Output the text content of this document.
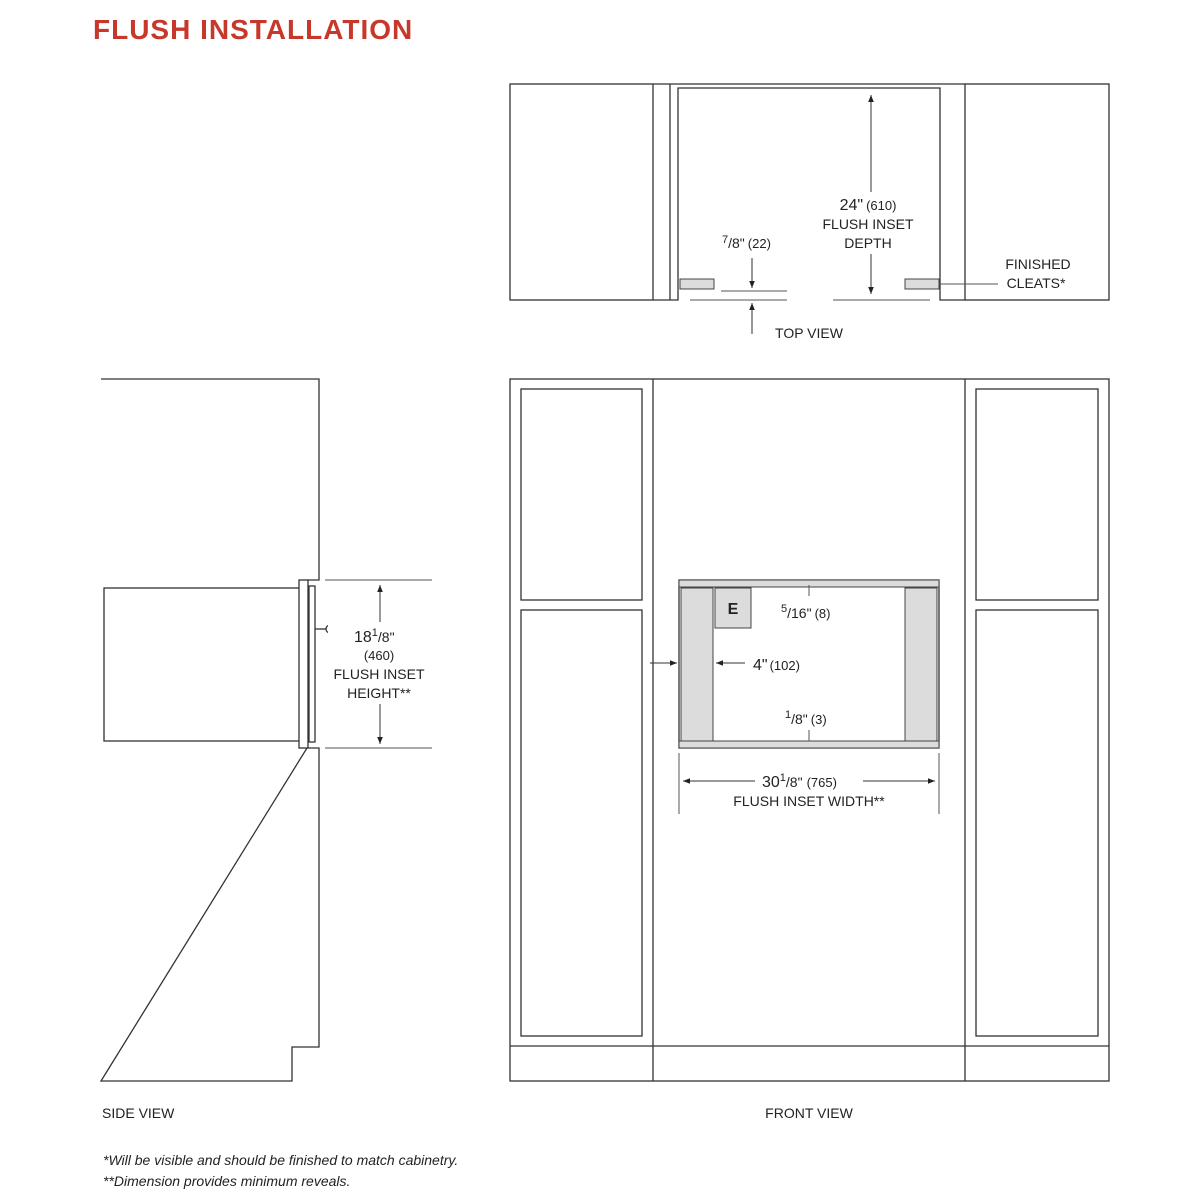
FLUSH INSTALLATION
24" (610)
FLUSH INSET
DEPTH
$^7$/8" (22)
FINISHED
CLEATS*
TOP VIEW
$18^1/8$"
(460)
FLUSH INSET
HEIGHT**
SIDE VIEW
E	$^5$/16" (8)
4" (102)
$^1$/8" (3)
$30^1/8$" (765)
FLUSH INSET WIDTH**
FRONT VIEW

*Will be visible and should be finished to match cabinetry.

**Dimension provides minimum reveals.
